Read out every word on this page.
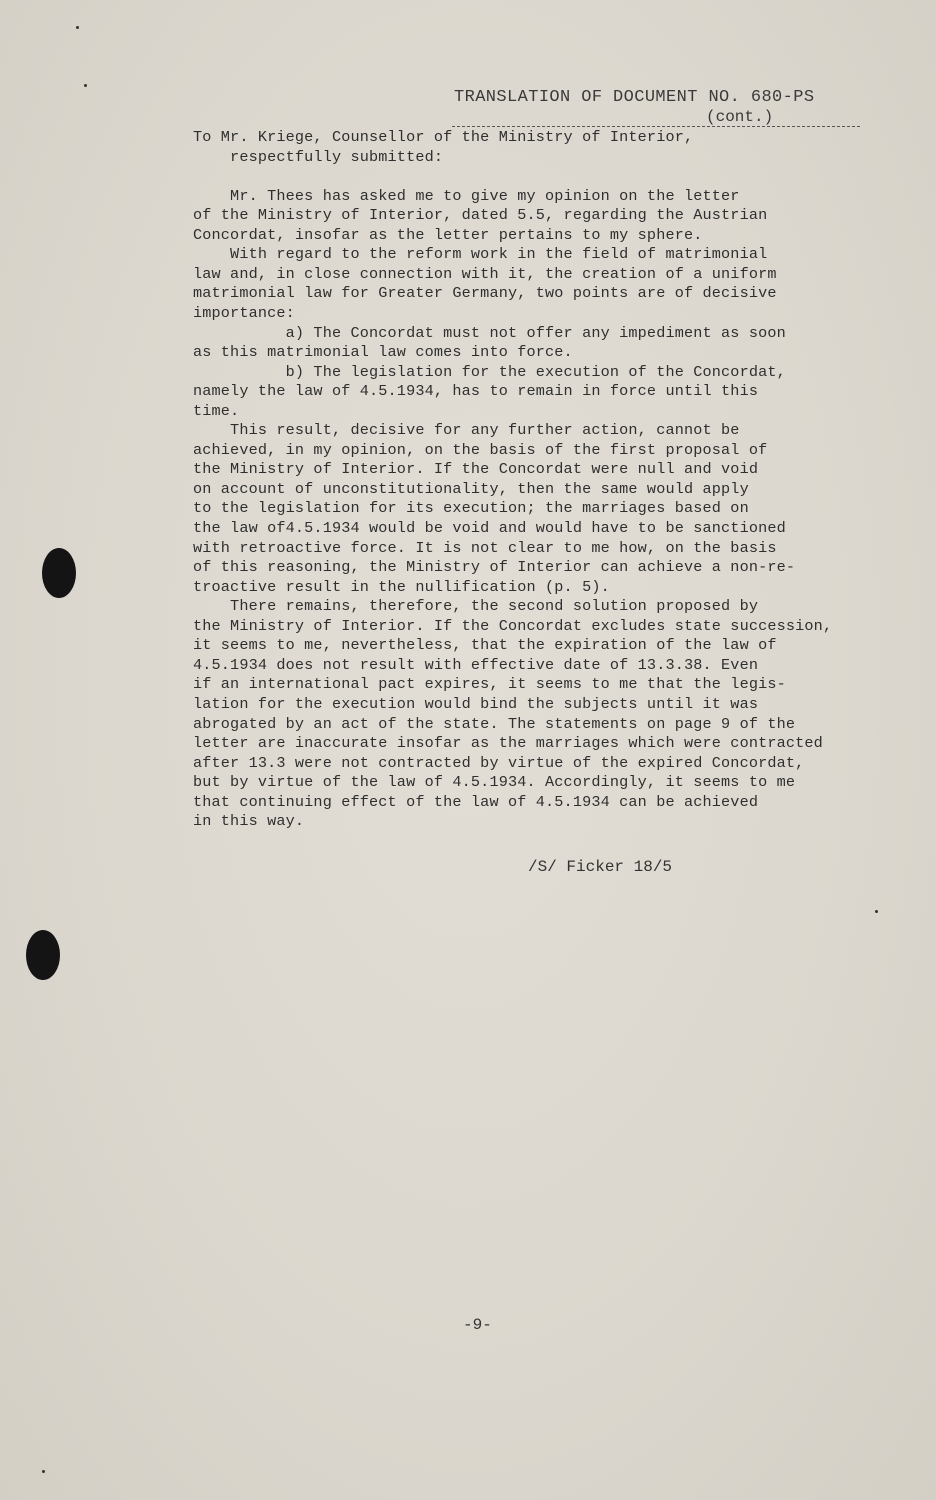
TRANSLATION OF DOCUMENT NO. 680-PS
(cont.)
To Mr. Kriege, Counsellor of the Ministry of Interior,
respectfully submitted:
Mr. Thees has asked me to give my opinion on the letter
of the Ministry of Interior, dated 5.5, regarding the Austrian
Concordat, insofar as the letter pertains to my sphere.
With regard to the reform work in the field of matrimonial
law and, in close connection with it, the creation of a uniform
matrimonial law for Greater Germany, two points are of decisive
importance:
a) The Concordat must not offer any impediment as soon
as this matrimonial law comes into force.
b) The legislation for the execution of the Concordat,
namely the law of 4.5.1934, has to remain in force until this
time.
This result, decisive for any further action, cannot be
achieved, in my opinion, on the basis of the first proposal of
the Ministry of Interior. If the Concordat were null and void
on account of unconstitutionality, then the same would apply
to the legislation for its execution; the marriages based on
the law of4.5.1934 would be void and would have to be sanctioned
with retroactive force. It is not clear to me how, on the basis
of this reasoning, the Ministry of Interior can achieve a non-re-
troactive result in the nullification (p. 5).
There remains, therefore, the second solution proposed by
the Ministry of Interior. If the Concordat excludes state succession,
it seems to me, nevertheless, that the expiration of the law of
4.5.1934 does not result with effective date of 13.3.38. Even
if an international pact expires, it seems to me that the legis-
lation for the execution would bind the subjects until it was
abrogated by an act of the state. The statements on page 9 of the
letter are inaccurate insofar as the marriages which were contracted
after 13.3 were not contracted by virtue of the expired Concordat,
but by virtue of the law of 4.5.1934. Accordingly, it seems to me
that continuing effect of the law of 4.5.1934 can be achieved
in this way.
/S/ Ficker 18/5
-9-
